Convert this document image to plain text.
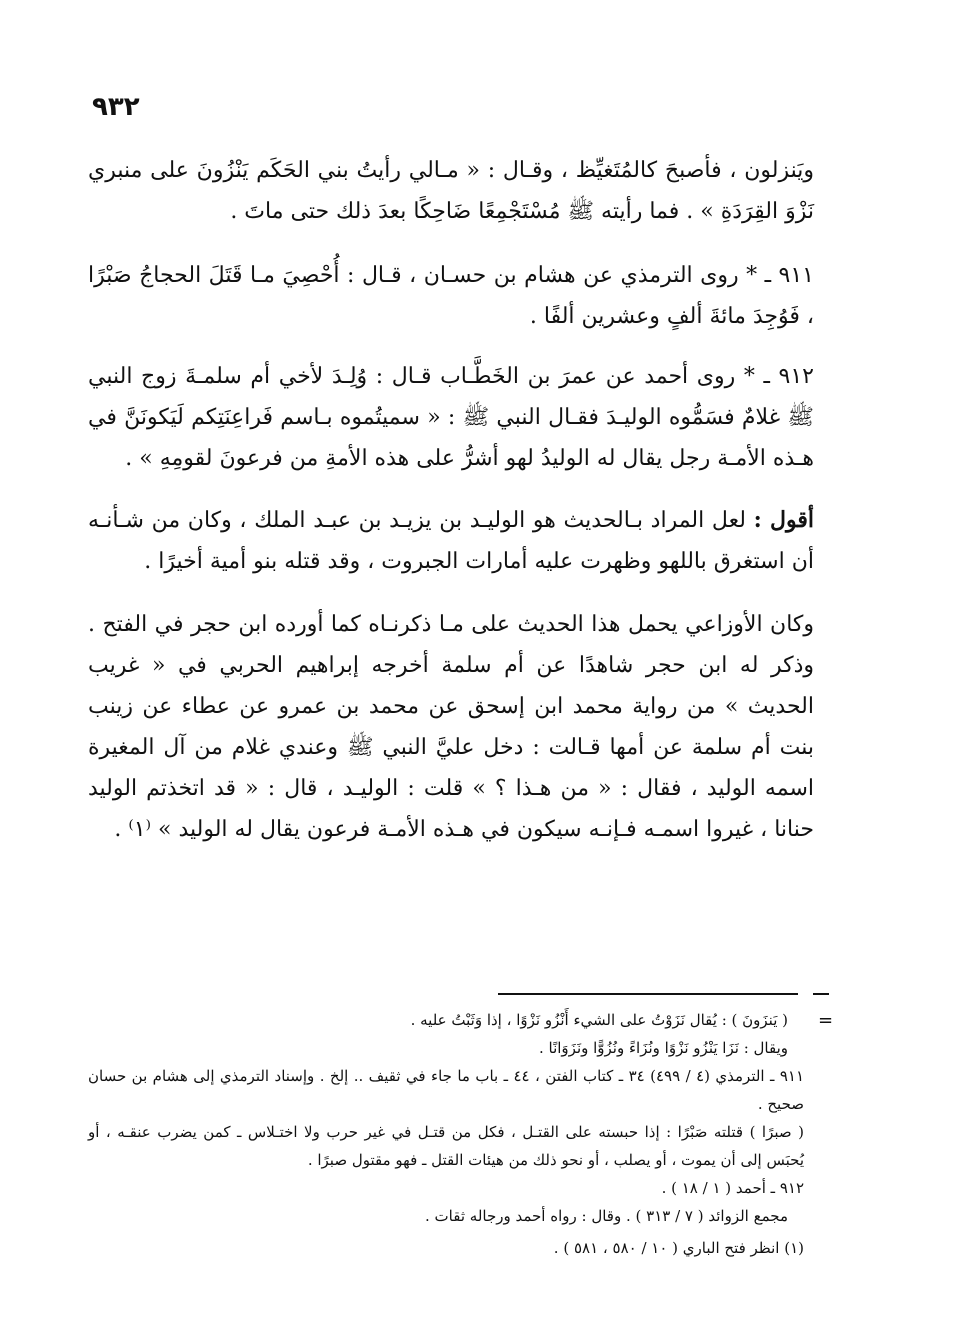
٩٣٢

ويَنزلون ، فأصبحَ كالمُتَغيِّظ ، وقـال : « مـالي رأيتُ بني الحَكَم يَنْزُونَ على منبري نَزْوَ القِرَدَةِ » . فما رأيته ﷺ مُسْتَجْمِعًا ضَاحِكًا بعدَ ذلك حتى ماتَ .

٩١١ ـ * روى الترمذي عن هشام بن حسـان ، قـال : أُحْصِيَ مـا قَتَلَ الحجاجُ صَبْرًا ، فَوُجِدَ مائةَ ألفٍ وعشرين ألفًا .

٩١٢ ـ * روى أحمد عن عمرَ بن الخَطَّـاب قـال : وُلِـدَ لأخي أم سلمـةَ زوج النبي ﷺ غلامٌ فسَمُّوه الوليـدَ فقـال النبي ﷺ : « سميتُموه بـاسم فَراعِنَتِكم لَيَكونَنَّ في هـذه الأمـة رجل يقال له الوليدُ لهو أشرُّ على هذه الأمةِ من فرعونَ لقومِهِ » .

أقول : لعل المراد بـالحديث هو الوليـد بن يزيـد بن عبـد الملك ، وكان من شـأنـه أن استغرق باللهو وظهرت عليه أمارات الجبروت ، وقد قتله بنو أمية أخيرًا .

وكان الأوزاعي يحمل هذا الحديث على مـا ذكرنـاه كما أورده ابن حجر في الفتح . وذكر له ابن حجر شاهدًا عن أم سلمة أخرجه إبراهيم الحربي في « غريب الحديث » من رواية محمد ابن إسحق عن محمد بن عمرو عن عطاء عن زينب بنت أم سلمة عن أمها قـالت : دخل عليَّ النبي ﷺ وعندي غلام من آل المغيرة اسمه الوليد ، فقال : « من هـذا ؟ » قلت : الوليـد ، قال : « قد اتخذتم الوليد حنانا ، غيروا اسمـه فـإنـه سيكون في هـذه الأمـة فرعون يقال له الوليد » ⁽١⁾ .

=

( يَنزَونَ ) : يُقال نَزَوْتُ على الشيء أَنْزُو نَزْوًا ، إذا وَثَبْتُ عليه .

ويقال : نَزَا يَنْزُو نَزْوًا ونُزَاءً ونُزُوًّا ونَزَوَانًا .

٩١١ ـ الترمذي (٤ / ٤٩٩) ٣٤ ـ كتاب الفتن ، ٤٤ ـ باب ما جاء في ثقيف .. إلخ . وإسناد الترمذي إلى هشام بن حسان صحيح .

( صبرًا ) قتلته صَبْرًا : إذا حبسته على القتـل ، فكل من قتـل في غير حرب ولا اختـلاس ـ كمن يضرب عنقـه ، أو يُحبَس إلى أن يموت ، أو يصلب ، أو نحو ذلك من هيئات القتل ـ فهو مقتول صبرًا .

٩١٢ ـ أحمد ( ١ / ١٨ ) .

مجمع الزوائد ( ٧ / ٣١٣ ) . وقال : رواه أحمد ورجاله ثقات .

(١) انظر فتح الباري ( ١٠ / ٥٨٠ ، ٥٨١ ) .
